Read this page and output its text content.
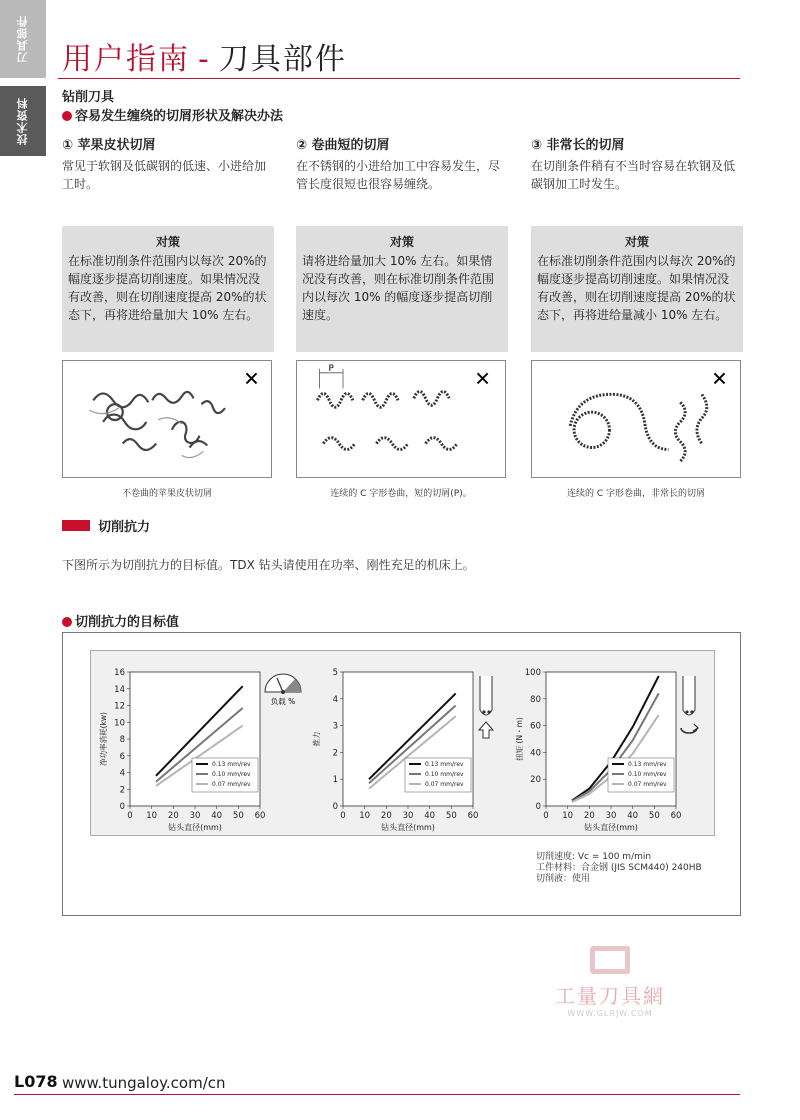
刀具部件
技术资料
用户指南 - 刀具部件
钻削刀具
容易发生缠绕的切屑形状及解决办法
① 苹果皮状切屑

常见于软钢及低碳钢的低速、小进给加工时。

② 卷曲短的切屑

在不锈钢的小进给加工中容易发生，尽管长度很短也很容易缠绕。

③ 非常长的切屑

在切削条件稍有不当时容易在软钢及低碳钢加工时发生。

对策

在标准切削条件范围内以每次 20%的幅度逐步提高切削速度。如果情况没有改善，则在切削速度提高 20%的状态下，再将进给量加大 10% 左右。

对策

请将进给量加大 10% 左右。如果情况没有改善，则在标准切削条件范围内以每次 10% 的幅度逐步提高切削速度。

对策

在标准切削条件范围内以每次 20%的幅度逐步提高切削速度。如果情况没有改善，则在切削速度提高 20%的状态下，再将进给量减小 10% 左右。

✕	P	✕	✕
不卷曲的苹果皮状切屑	连续的 C 字形卷曲，短的切屑(P)。	连续的 C 字形卷曲，非常长的切屑
切削抗力
下图所示为切削抗力的目标值。TDX 钻头请使用在功率、刚性充足的机床上。
切削抗力的目标值
0 10 20 30 40 50 60
0
2
4
6
8
10
12
14
16
钻头直径(mm)
净功率消耗(kw)	0.13 mm/rev
0.10 mm/rev
0.07 mm/rev
0 10 20 30 40 50 60
0
1
2
3
4
5
钻头直径(mm)
推力
0.13 mm/rev
0.10 mm/rev
0.07 mm/rev
0 10 20 30 40 50 60
0
20
40
60
80
100
钻头直径(mm)
扭矩 (N・m)
0.13 mm/rev
0.10 mm/rev
0.07 mm/rev
负载 %
切削速度: Vc = 100 m/min
工件材料：合金钢 (JIS SCM440) 240HB
切削液：使用
工量刀具網
WWW.GLRJW.COM
L078 www.tungaloy.com/cn
